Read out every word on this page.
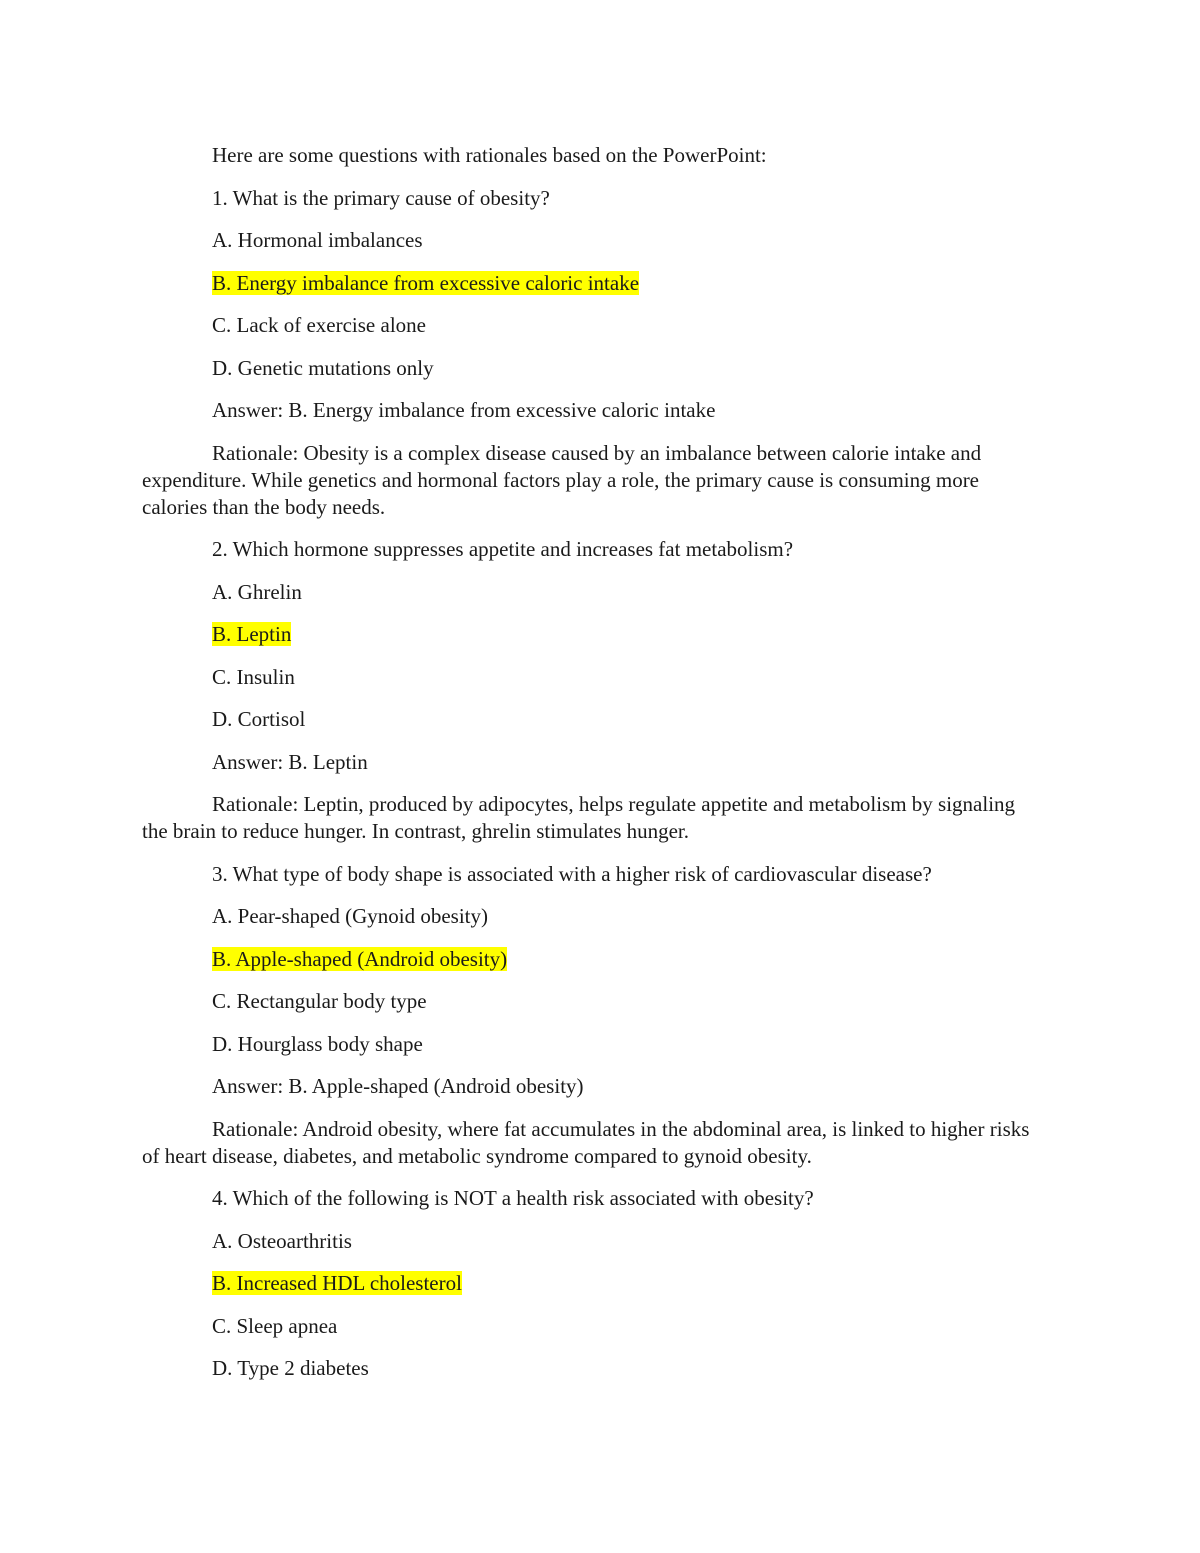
Here are some questions with rationales based on the PowerPoint:

1. What is the primary cause of obesity?

A. Hormonal imbalances

B. Energy imbalance from excessive caloric intake

C. Lack of exercise alone

D. Genetic mutations only

Answer: B. Energy imbalance from excessive caloric intake

Rationale: Obesity is a complex disease caused by an imbalance between calorie intake and expenditure. While genetics and hormonal factors play a role, the primary cause is consuming more calories than the body needs.

2. Which hormone suppresses appetite and increases fat metabolism?

A. Ghrelin

B. Leptin

C. Insulin

D. Cortisol

Answer: B. Leptin

Rationale: Leptin, produced by adipocytes, helps regulate appetite and metabolism by signaling the brain to reduce hunger. In contrast, ghrelin stimulates hunger.

3. What type of body shape is associated with a higher risk of cardiovascular disease?

A. Pear-shaped (Gynoid obesity)

B. Apple-shaped (Android obesity)

C. Rectangular body type

D. Hourglass body shape

Answer: B. Apple-shaped (Android obesity)

Rationale: Android obesity, where fat accumulates in the abdominal area, is linked to higher risks of heart disease, diabetes, and metabolic syndrome compared to gynoid obesity.

4. Which of the following is NOT a health risk associated with obesity?

A. Osteoarthritis

B. Increased HDL cholesterol

C. Sleep apnea

D. Type 2 diabetes
